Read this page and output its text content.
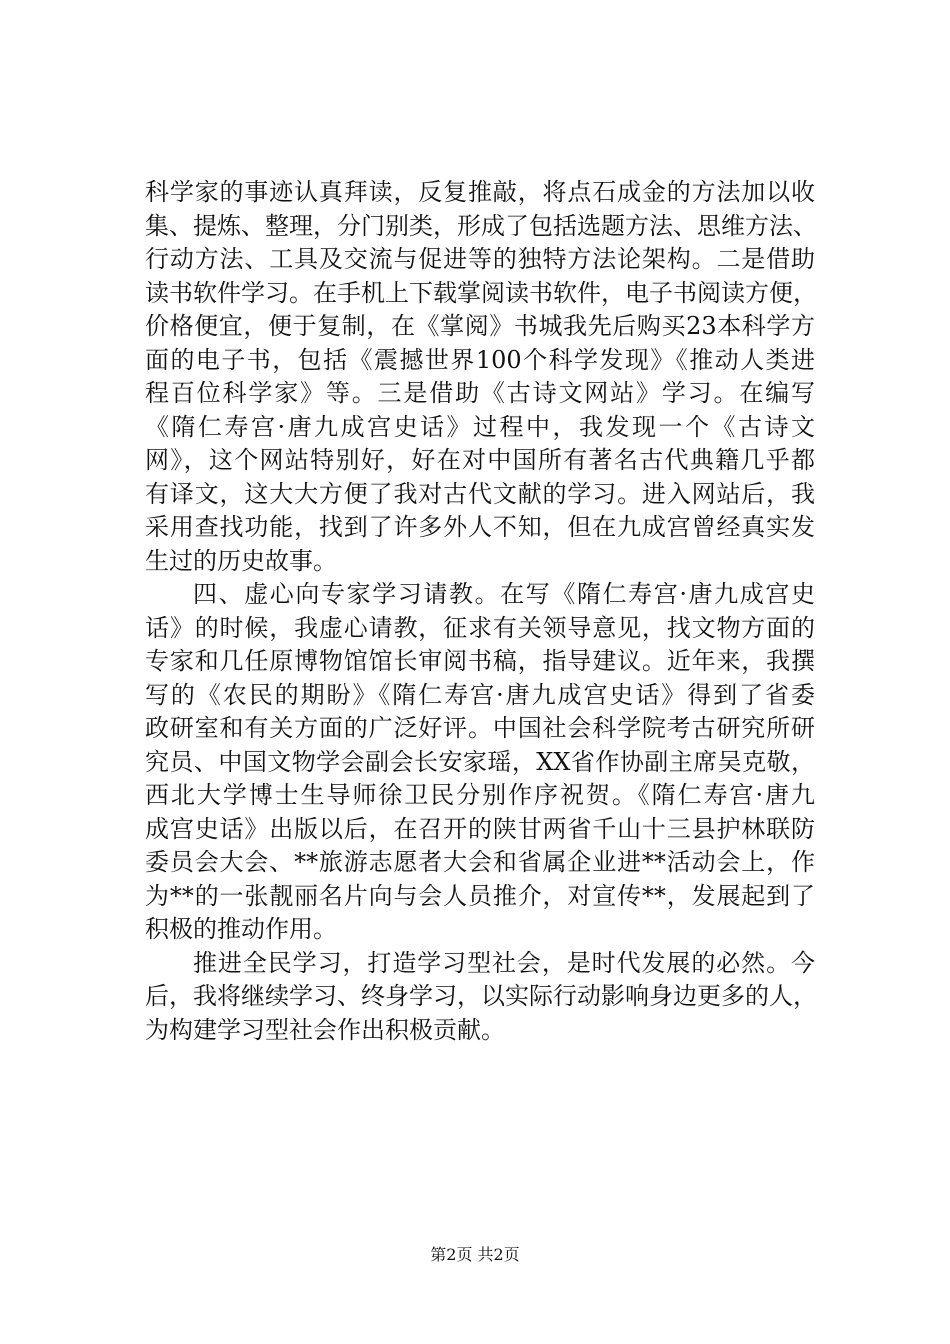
科学家的事迹认真拜读，反复推敲，将点石成金的方法加以收
集、提炼、整理，分门别类，形成了包括选题方法、思维方法、
行动方法、工具及交流与促进等的独特方法论架构。二是借助
读书软件学习。在手机上下载掌阅读书软件，电子书阅读方便，
价格便宜，便于复制，在《掌阅》书城我先后购买23本科学方
面的电子书，包括《震撼世界100个科学发现》《推动人类进
程百位科学家》等。三是借助《古诗文网站》学习。在编写
《隋仁寿宫·唐九成宫史话》过程中，我发现一个《古诗文
网》，这个网站特别好，好在对中国所有著名古代典籍几乎都
有译文，这大大方便了我对古代文献的学习。进入网站后，我
采用查找功能，找到了许多外人不知，但在九成宫曾经真实发
生过的历史故事。
四、虚心向专家学习请教。在写《隋仁寿宫·唐九成宫史
话》的时候，我虚心请教，征求有关领导意见，找文物方面的
专家和几任原博物馆馆长审阅书稿，指导建议。近年来，我撰
写的《农民的期盼》《隋仁寿宫·唐九成宫史话》得到了省委
政研室和有关方面的广泛好评。中国社会科学院考古研究所研
究员、中国文物学会副会长安家瑶，XX省作协副主席吴克敬，
西北大学博士生导师徐卫民分别作序祝贺。《隋仁寿宫·唐九
成宫史话》出版以后，在召开的陕甘两省千山十三县护林联防
委员会大会、**旅游志愿者大会和省属企业进**活动会上，作
为**的一张靓丽名片向与会人员推介，对宣传**，发展起到了
积极的推动作用。
推进全民学习，打造学习型社会，是时代发展的必然。今
后，我将继续学习、终身学习，以实际行动影响身边更多的人，
为构建学习型社会作出积极贡献。
第2页 共2页
